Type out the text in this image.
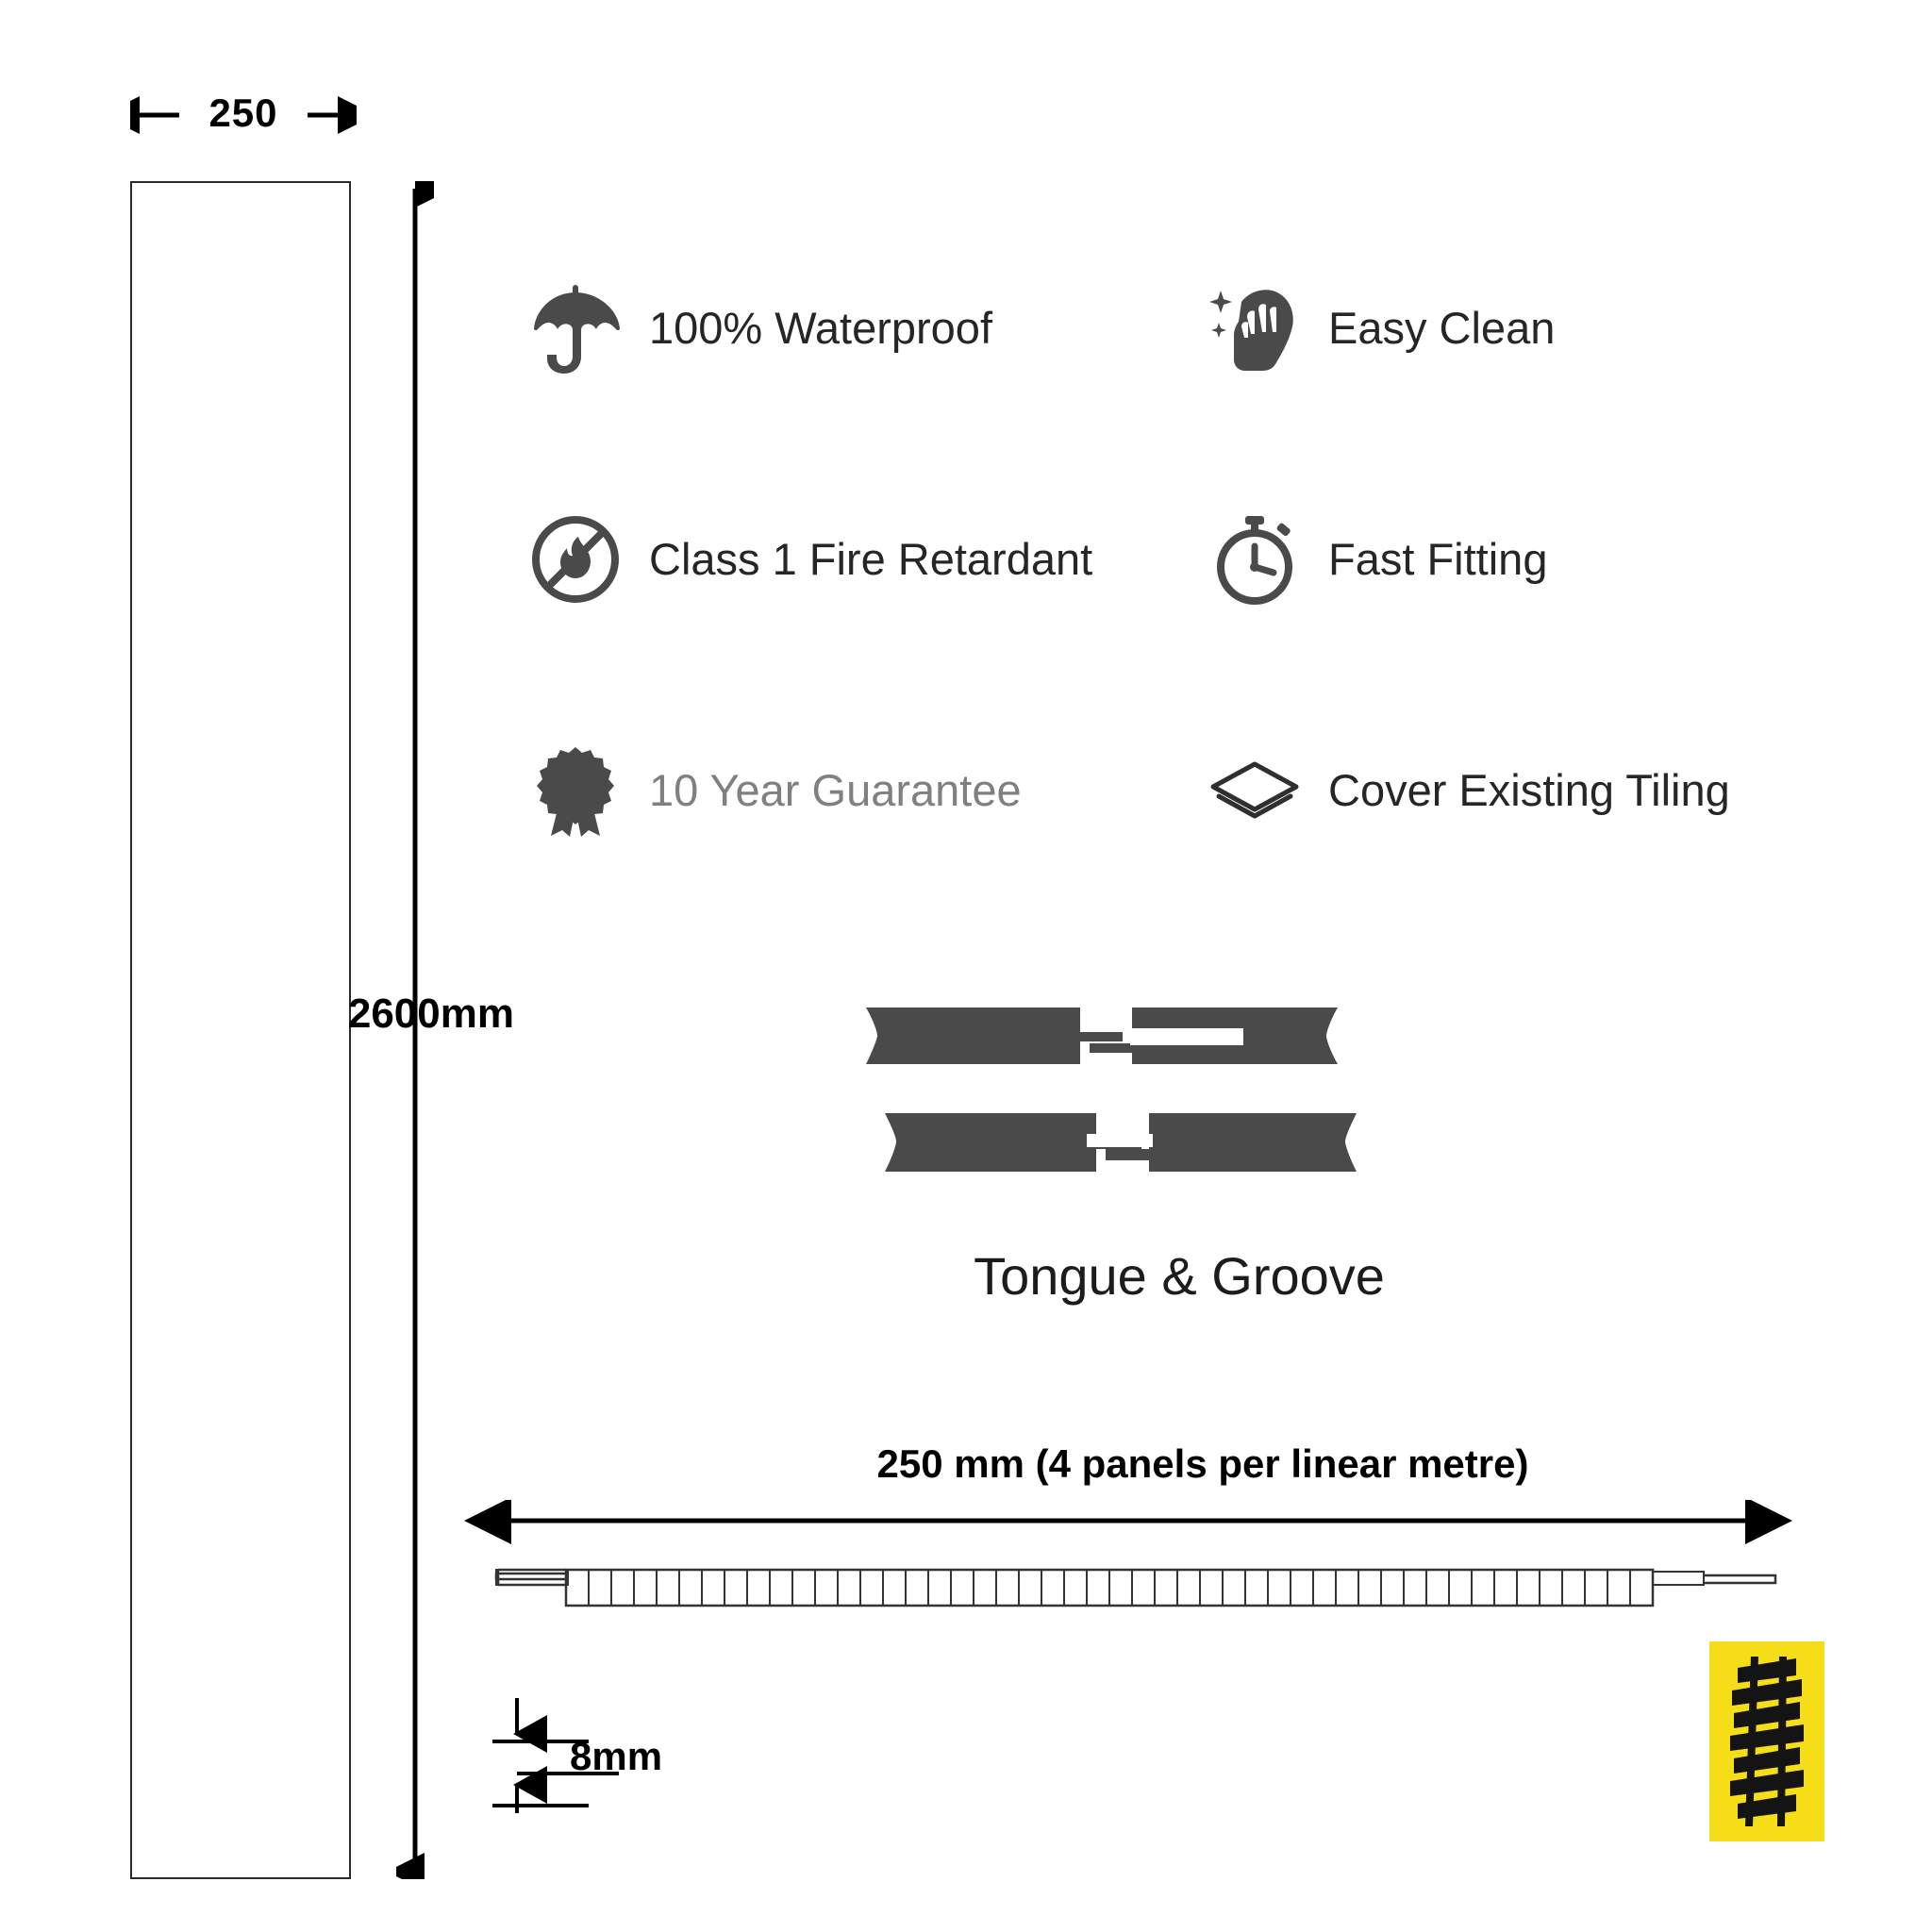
250
2600mm
100% Waterproof	Easy Clean
Class 1 Fire Retardant	Fast Fitting
10 Year Guarantee	Cover Existing Tiling
Tongue & Groove
250 mm (4 panels per linear metre)
8mm
